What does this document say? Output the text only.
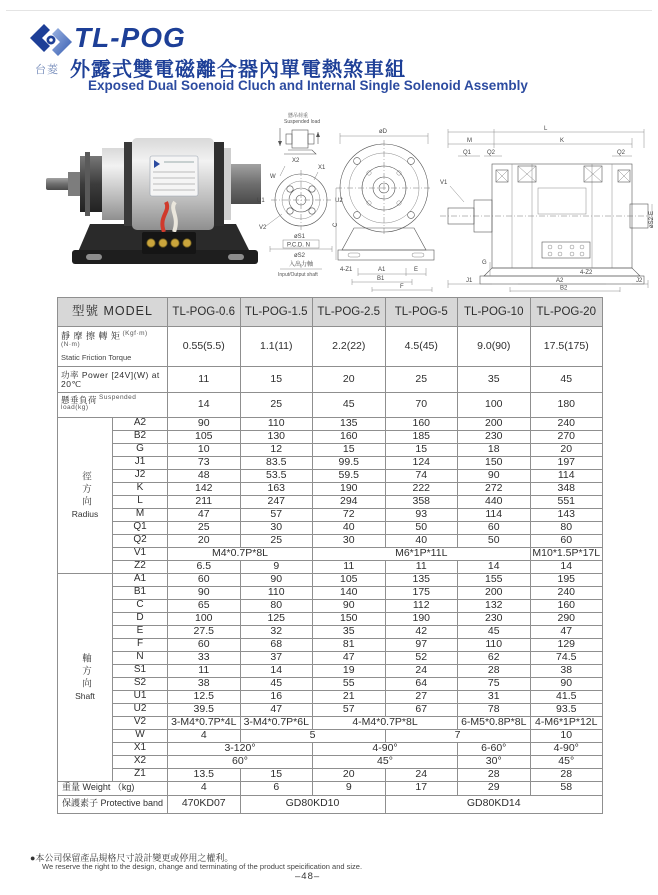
台菱
TL-POG
外露式雙電磁離合器內單電熱煞車組
Exposed Dual Soenoid Cluch and Internal Single Solenoid Assembly
懸吊荷重
Suspended load
W
X2
X1
U1	U2
V2
øS1
P.C.D. N
øS2
入出力軸
Input/Output shaft
øD
C
4-Z1	A1	E
B1
F
L
M	K
Q1	Q2	Q2
V1
G
J1	A2
4-Z2
J2
B2
øS2·E
型號 MODEL		TL-POG-0.6	TL-POG-1.5	TL-POG-2.5	TL-POG-5	TL-POG-10	TL-POG-20

靜 摩 擦 轉 矩 $^{(Kgf\cdot m)(N\cdot m)}$
Static Friction Torque		0.55(5.5)	1.1(11)	2.2(22)	4.5(45)	9.0(90)	17.5(175)

功率 Power [24V](W) at 20℃		11	15	20	25	35	45

懸垂負荷 $^{Suspended load(kg)}$		14	25	45	70	100	180

徑方向
Radius	A2	90	110	135	160	200	240
	B2	105	130	160	185	230	270
	G	10	12	15	15	18	20
	J1	73	83.5	99.5	124	150	197
	J2	48	53.5	59.5	74	90	114
	K	142	163	190	222	272	348
	L	211	247	294	358	440	551
	M	47	57	72	93	114	143
	Q1	25	30	40	50	60	80
	Q2	20	25	30	40	50	60
	V1	M4*0.7P*8L		M6*1P*11L			M10*1.5P*17L
	Z2	6.5	9	11	11	14	14

軸方向
Shaft	A1	60	90	105	135	155	195
	B1	90	110	140	175	200	240
	C	65	80	90	112	132	160
	D	100	125	150	190	230	290
	E	27.5	32	35	42	45	47
	F	60	68	81	97	110	129
	N	33	37	47	52	62	74.5
	S1	11	14	19	24	28	38
	S2	38	45	55	64	75	90
	U1	12.5	16	21	27	31	41.5
	U2	39.5	47	57	67	78	93.5
	V2	3-M4*0.7P*4L	3-M4*0.7P*6L	4-M4*0.7P*8L		6-M5*0.8P*8L	4-M6*1P*12L
	W	4	5		7		10
	X1	3-120°		4-90°		6-60°	4-90°
	X2	60°		45°		30°	45°
	Z1	13.5	15	20	24	28	28
重量 Weight （kg)		4	6	9	17	29	58
保護素子 Protective band		470KD07	GD80KD10		GD80KD14		
●本公司保留產品規格尺寸設計變更或停用之權利。
We reserve the right to the design, change and terminating of the product speicification and size.
–48–
